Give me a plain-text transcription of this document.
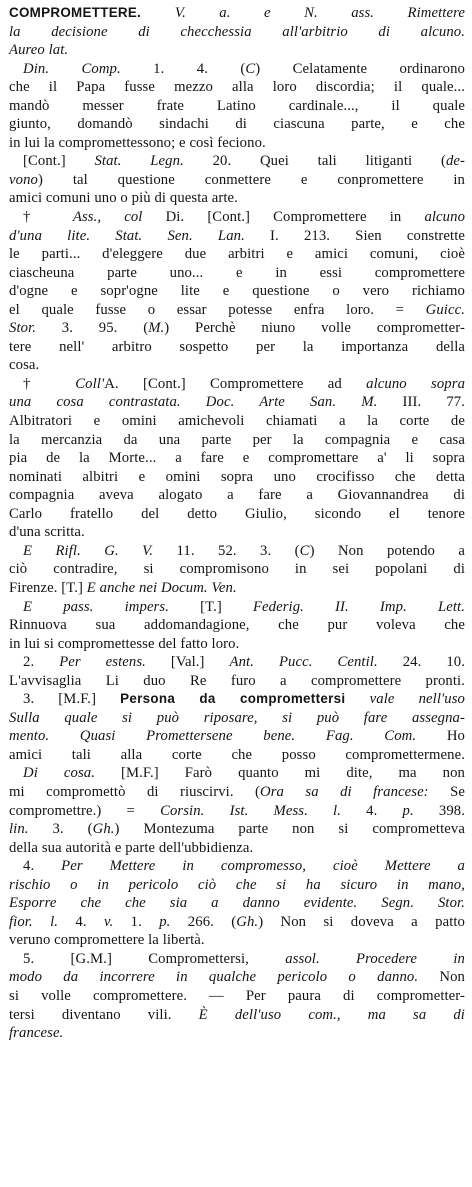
COMPROMETTERE. V. a. e N. ass. Rimettere
la decisione di checchessia all'arbitrio di alcuno.
Aureo lat.
Din. Comp. 1. 4. (C) Celatamente ordinarono
che il Papa fusse mezzo alla loro discordia; il quale...
mandò messer frate Latino cardinale..., il quale
giunto, domandò sindachi di ciascuna parte, e che
in lui la compromettessono; e così feciono.
[Cont.] Stat. Legn. 20. Quei tali litiganti (de-
vono) tal questione conmettere e conpromettere in
amici comuni uno o più di questa arte.
† Ass., col Di. [Cont.] Compromettere in alcuno
d'una lite. Stat. Sen. Lan. I. 213. Sien constrette
le parti... d'eleggere due arbitri e amici comuni, cioè
ciascheuna parte uno... e in essi compromettere
d'ogne e sopr'ogne lite e questione o vero richiamo
el quale fusse o essar potesse enfra loro. = Guicc.
Stor. 3. 95. (M.) Perchè niuno volle comprometter-
tere nell' arbitro sospetto per la importanza della
cosa.
† Coll'A. [Cont.] Compromettere ad alcuno sopra
una cosa contrastata. Doc. Arte San. M. III. 77.
Albitratori e omini amichevoli chiamati a la corte de
la mercanzia da una parte per la compagnia e casa
pia de la Morte... a fare e compromettare a' li sopra
nominati albitri e omini sopra uno crocifisso che detta
compagnia aveva alogato a fare a Giovannandrea di
Carlo fratello del detto Giulio, sicondo el tenore
d'una scritta.
E Rifl. G. V. 11. 52. 3. (C) Non potendo a
ciò contradire, si compromisono in sei popolani di
Firenze. [T.] E anche nei Docum. Ven.
E pass. impers. [T.] Federig. II. Imp. Lett.
Rinnuova sua addomandagione, che pur voleva che
in lui si compromettesse del fatto loro.
2. Per estens. [Val.] Ant. Pucc. Centil. 24. 10.
L'avvisaglia Li duo Re furo a compromettere pronti.
3. [M.F.] Persona da compromettersi vale nell'uso
Sulla quale si può riposare, si può fare assegna-
mento. Quasi Promettersene bene. Fag. Com. Ho
amici tali alla corte che posso compromettermene.
Di cosa. [M.F.] Farò quanto mi dite, ma non
mi compromettò di riuscirvi. (Ora sa di francese: Se
compromettre.) = Corsin. Ist. Mess. l. 4. p. 398.
lin. 3. (Gh.) Montezuma parte non si comprometteva
della sua autorità e parte dell'ubbidienza.
4. Per Mettere in compromesso, cioè Mettere a
rischio o in pericolo ciò che si ha sicuro in mano,
Esporre che che sia a danno evidente. Segn. Stor.
fior. l. 4. v. 1. p. 266. (Gh.) Non si doveva a patto
veruno compromettere la libertà.
5. [G.M.] Compromettersi, assol. Procedere in
modo da incorrere in qualche pericolo o danno. Non
si volle compromettere. — Per paura di comprometter-
tersi diventano vili. È dell'uso com., ma sa di
francese.
